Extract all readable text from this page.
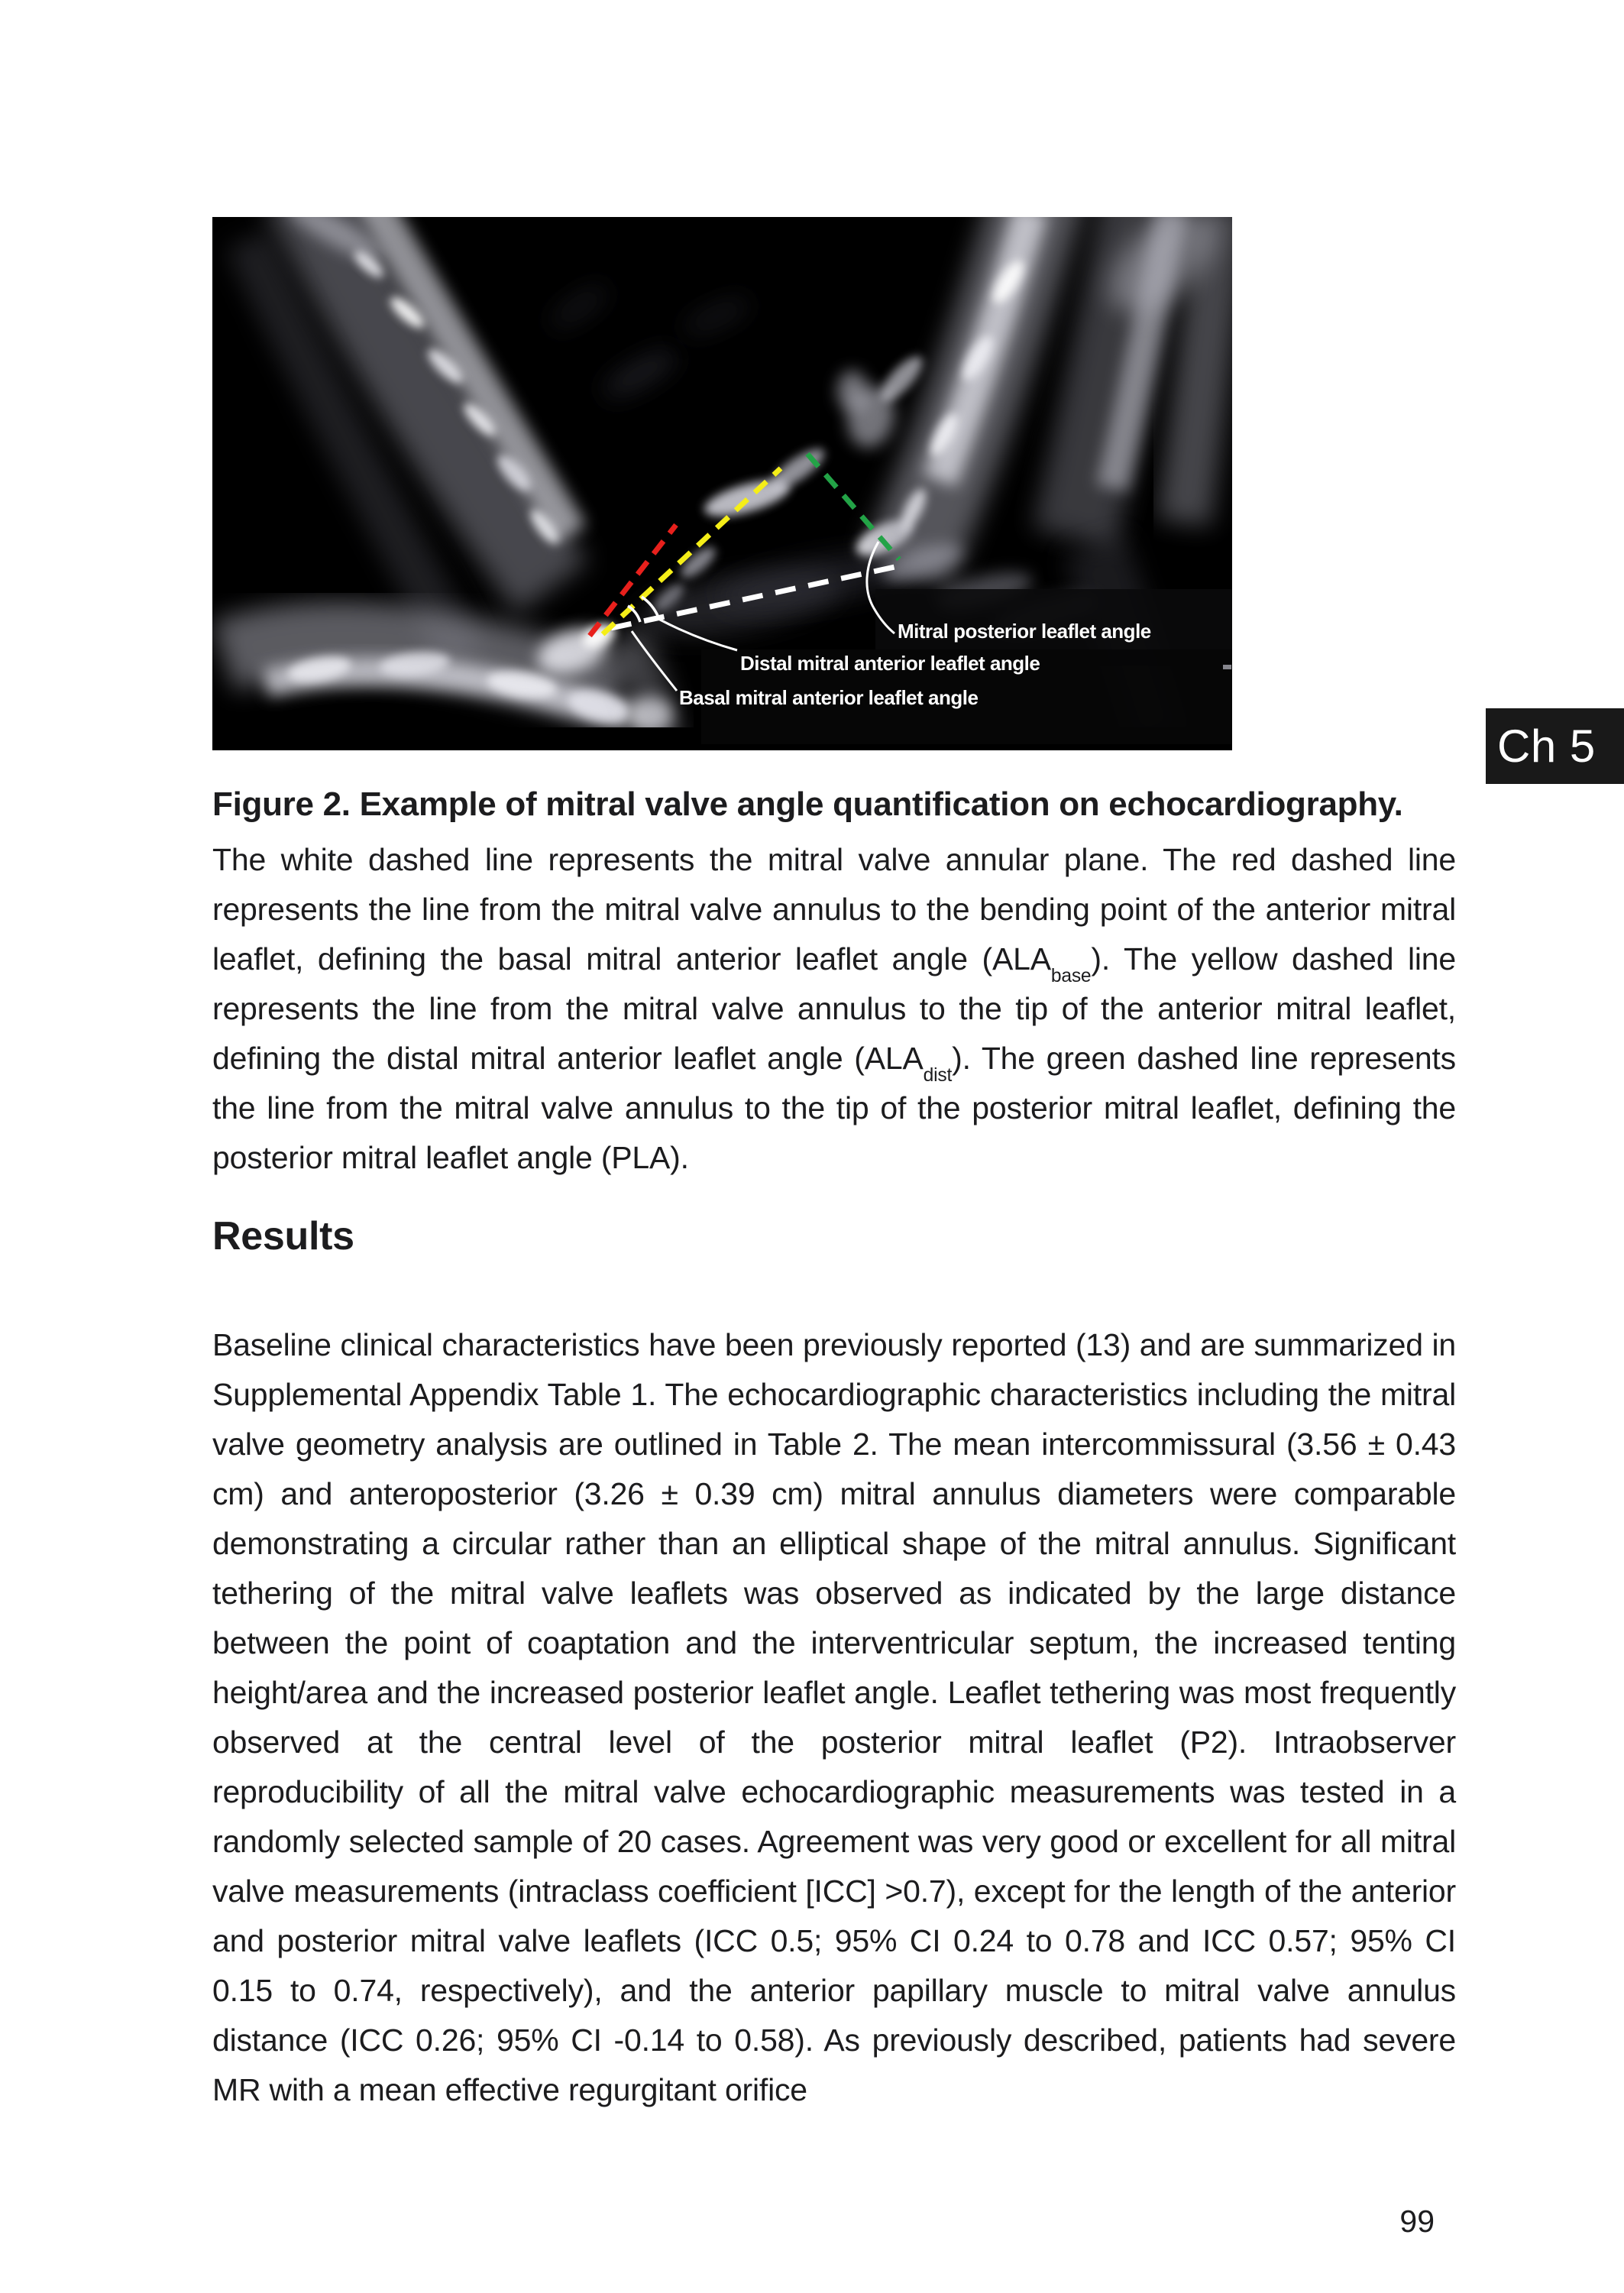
Mitral posterior leaflet angle
Distal mitral anterior leaflet angle
Basal mitral anterior leaflet angle
Ch 5

Figure 2. Example of mitral valve angle quantification on echocardiography.

The white dashed line represents the mitral valve annular plane. The red dashed line represents the line from the mitral valve annulus to the bending point of the anterior mitral leaflet, defining the basal mitral anterior leaflet angle $(ALA_{base})$. The yellow dashed line represents the line from the mitral valve annulus to the tip of the anterior mitral leaflet, defining the distal mitral anterior leaflet angle $(ALA_{dist})$. The green dashed line represents the line from the mitral valve annulus to the tip of the posterior mitral leaflet, defining the posterior mitral leaflet angle (PLA).

Results

Baseline clinical characteristics have been previously reported (13) and are summarized in Supplemental Appendix Table 1. The echocardiographic characteristics including the mitral valve geometry analysis are outlined in Table 2. The mean intercommissural (3.56 ± 0.43 cm) and anteroposterior (3.26 ± 0.39 cm) mitral annulus diameters were comparable demonstrating a circular rather than an elliptical shape of the mitral annulus. Significant tethering of the mitral valve leaflets was observed as indicated by the large distance between the point of coaptation and the interventricular septum, the increased tenting height/area and the increased posterior leaflet angle. Leaflet tethering was most frequently observed at the central level of the posterior mitral leaflet (P2). Intraobserver reproducibility of all the mitral valve echocardiographic measurements was tested in a randomly selected sample of 20 cases. Agreement was very good or excellent for all mitral valve measurements (intraclass coefficient [ICC] >0.7), except for the length of the anterior and posterior mitral valve leaflets (ICC 0.5; 95% CI 0.24 to 0.78 and ICC 0.57; 95% CI 0.15 to 0.74, respectively), and the anterior papillary muscle to mitral valve annulus distance (ICC 0.26; 95% CI -0.14 to 0.58). As previously described, patients had severe MR with a mean effective regurgitant orifice

99
